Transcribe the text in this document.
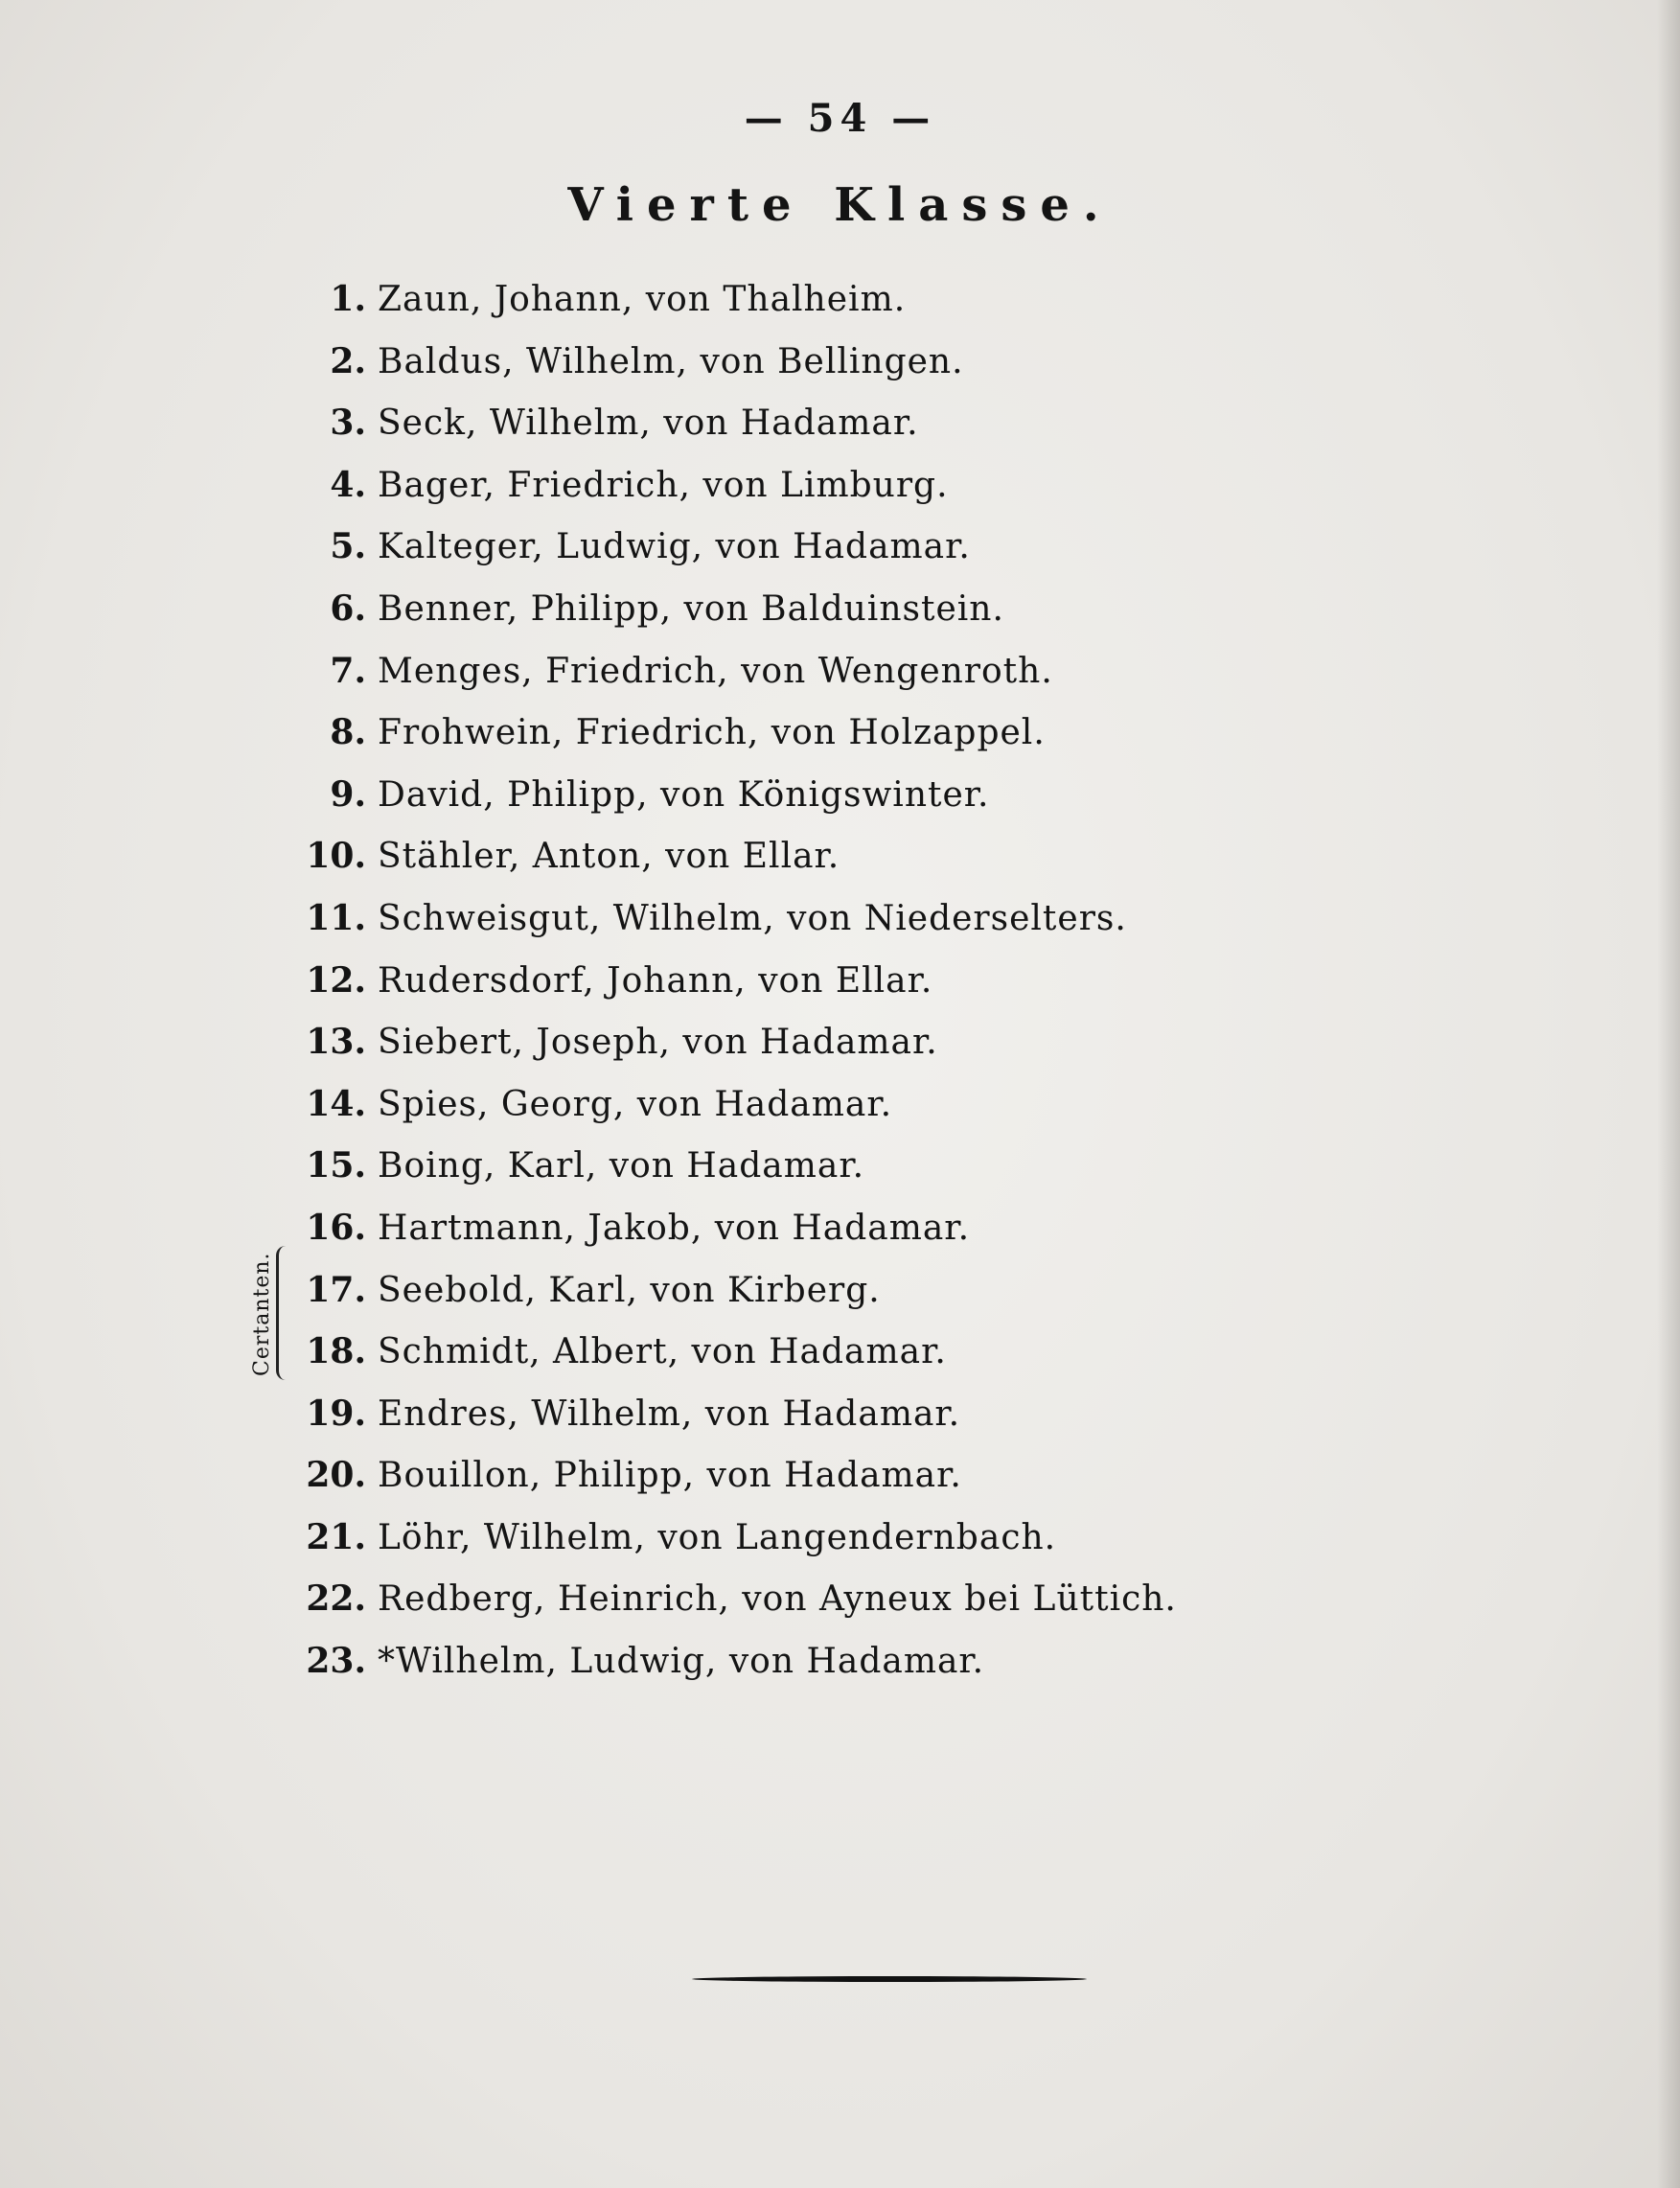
— 54 —
Vierte Klasse.
Certanten.
1. Zaun, Johann, von Thalheim.
2. Baldus, Wilhelm, von Bellingen.
3. Seck, Wilhelm, von Hadamar.
4. Bager, Friedrich, von Limburg.
5. Kalteger, Ludwig, von Hadamar.
6. Benner, Philipp, von Balduinstein.
7. Menges, Friedrich, von Wengenroth.
8. Frohwein, Friedrich, von Holzappel.
9. David, Philipp, von Königswinter.
10. Stähler, Anton, von Ellar.
11. Schweisgut, Wilhelm, von Niederselters.
12. Rudersdorf, Johann, von Ellar.
13. Siebert, Joseph, von Hadamar.
14. Spies, Georg, von Hadamar.
15. Boing, Karl, von Hadamar.
16. Hartmann, Jakob, von Hadamar.
17. Seebold, Karl, von Kirberg.
18. Schmidt, Albert, von Hadamar.
19. Endres, Wilhelm, von Hadamar.
20. Bouillon, Philipp, von Hadamar.
21. Löhr, Wilhelm, von Langendernbach.
22. Redberg, Heinrich, von Ayneux bei Lüttich.
23. *Wilhelm, Ludwig, von Hadamar.
